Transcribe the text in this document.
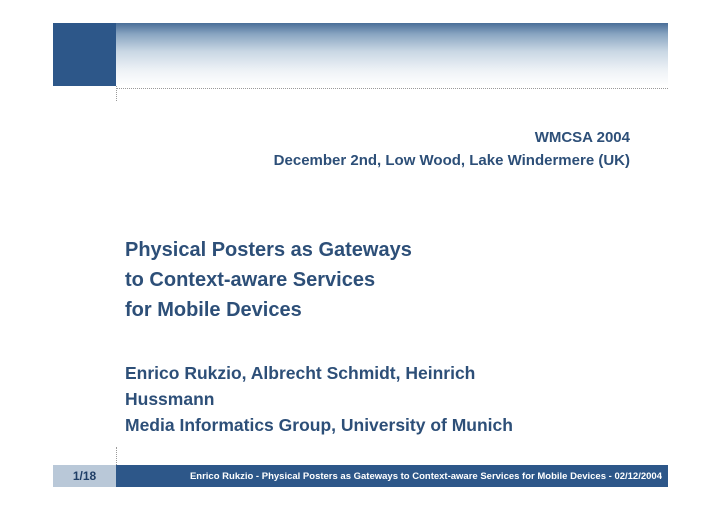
WMCSA 2004
December 2nd, Low Wood, Lake Windermere (UK)
Physical Posters as Gateways
to Context-aware Services
for Mobile Devices
Enrico Rukzio, Albrecht Schmidt, Heinrich
Hussmann
Media Informatics Group, University of Munich
1/18	Enrico Rukzio - Physical Posters as Gateways to Context-aware Services for Mobile Devices - 02/12/2004
